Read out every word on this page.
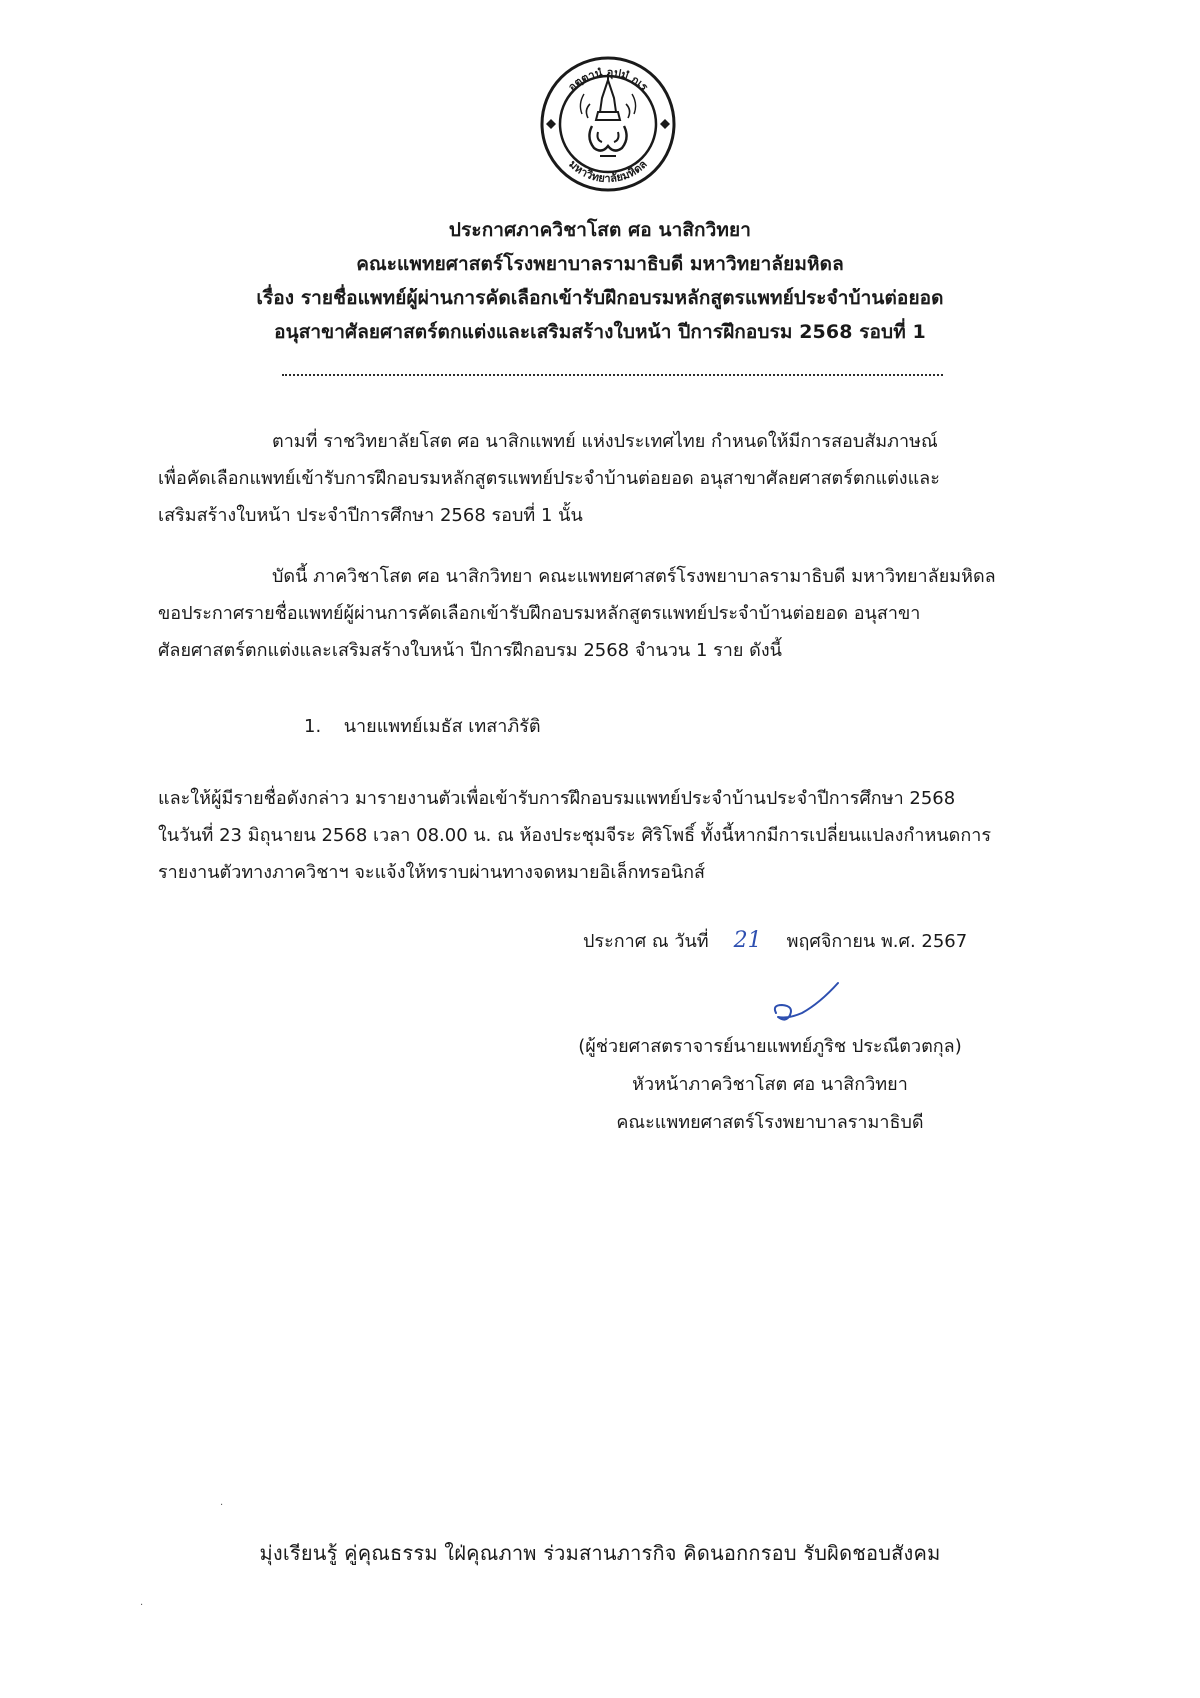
อตฺตานํ อุปมํ กเร
มหาวิทยาลัยมหิดล
ประกาศภาควิชาโสต ศอ นาสิกวิทยา
คณะแพทยศาสตร์โรงพยาบาลรามาธิบดี มหาวิทยาลัยมหิดล
เรื่อง รายชื่อแพทย์ผู้ผ่านการคัดเลือกเข้ารับฝึกอบรมหลักสูตรแพทย์ประจำบ้านต่อยอด
อนุสาขาศัลยศาสตร์ตกแต่งและเสริมสร้างใบหน้า ปีการฝึกอบรม 2568 รอบที่ 1
ตามที่ ราชวิทยาลัยโสต ศอ นาสิกแพทย์ แห่งประเทศไทย กำหนดให้มีการสอบสัมภาษณ์
เพื่อคัดเลือกแพทย์เข้ารับการฝึกอบรมหลักสูตรแพทย์ประจำบ้านต่อยอด อนุสาขาศัลยศาสตร์ตกแต่งและ
เสริมสร้างใบหน้า ประจำปีการศึกษา 2568 รอบที่ 1 นั้น
บัดนี้ ภาควิชาโสต ศอ นาสิกวิทยา คณะแพทยศาสตร์โรงพยาบาลรามาธิบดี มหาวิทยาลัยมหิดล
ขอประกาศรายชื่อแพทย์ผู้ผ่านการคัดเลือกเข้ารับฝึกอบรมหลักสูตรแพทย์ประจำบ้านต่อยอด อนุสาขา
ศัลยศาสตร์ตกแต่งและเสริมสร้างใบหน้า ปีการฝึกอบรม 2568 จำนวน 1 ราย ดังนี้
1. นายแพทย์เมธัส เทสาภิรัติ
และให้ผู้มีรายชื่อดังกล่าว มารายงานตัวเพื่อเข้ารับการฝึกอบรมแพทย์ประจำบ้านประจำปีการศึกษา 2568
ในวันที่ 23 มิถุนายน 2568 เวลา 08.00 น. ณ ห้องประชุมจีระ ศิริโพธิ์ ทั้งนี้หากมีการเปลี่ยนแปลงกำหนดการ
รายงานตัวทางภาควิชาฯ จะแจ้งให้ทราบผ่านทางจดหมายอิเล็กทรอนิกส์
ประกาศ ณ วันที่ 21 พฤศจิกายน พ.ศ. 2567
(ผู้ช่วยศาสตราจารย์นายแพทย์ภูริช ประณีตวตกุล)
หัวหน้าภาควิชาโสต ศอ นาสิกวิทยา
คณะแพทยศาสตร์โรงพยาบาลรามาธิบดี
·
·
มุ่งเรียนรู้ คู่คุณธรรม ใฝ่คุณภาพ ร่วมสานภารกิจ คิดนอกกรอบ รับผิดชอบสังคม
